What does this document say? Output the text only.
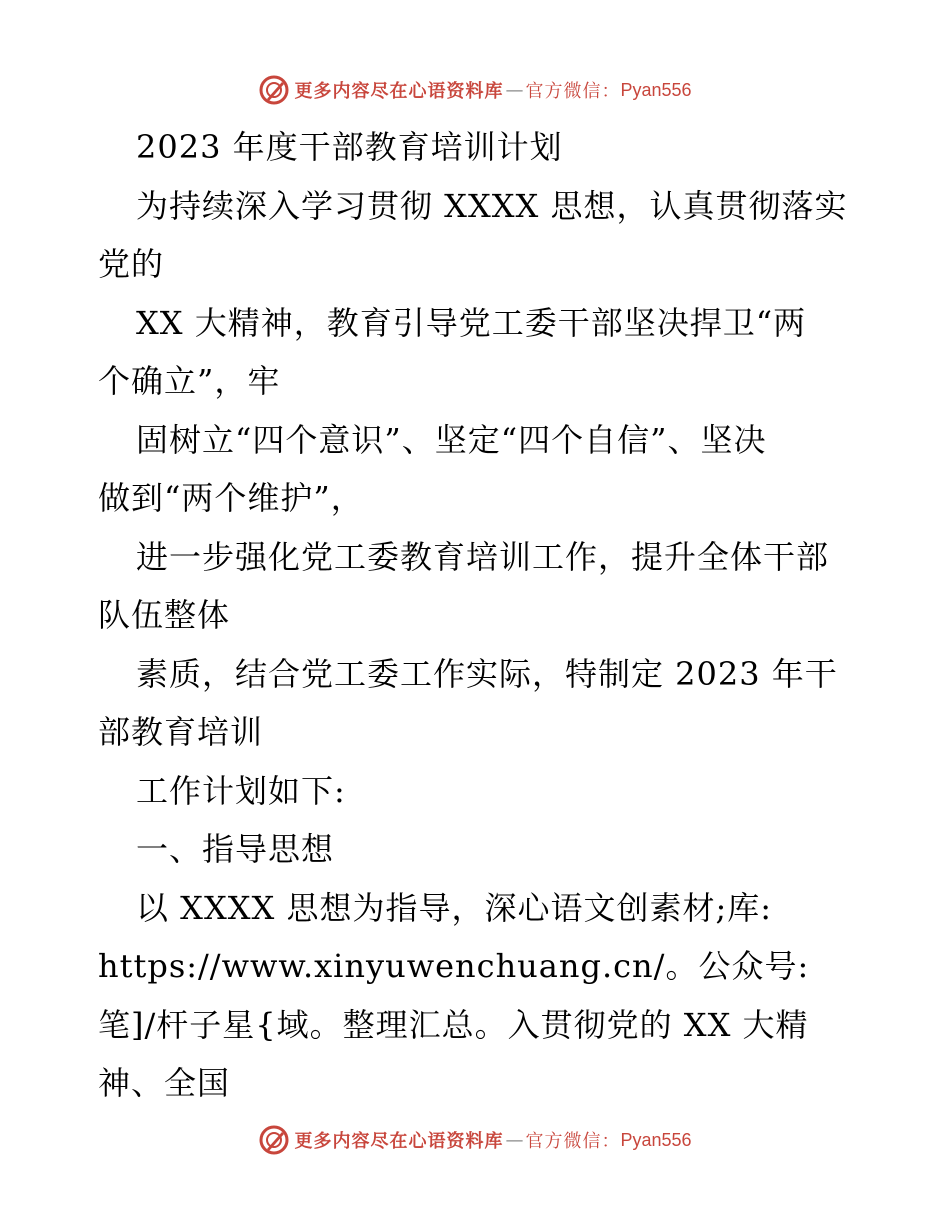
更多内容尽在心语资料库 — 官方微信： Pyan556
2023 年度干部教育培训计划
为持续深入学习贯彻 XXXX 思想，认真贯彻落实
党的
XX 大精神，教育引导党工委干部坚决捍卫“两
个确立”，牢
固树立“四个意识”、坚定“四个自信”、坚决
做到“两个维护”，
进一步强化党工委教育培训工作，提升全体干部
队伍整体
素质，结合党工委工作实际，特制定 2023 年干
部教育培训
工作计划如下:
一、指导思想
以 XXXX 思想为指导，深心语文创素材;库:
https://www.xinyuwenchuang.cn/。公众号:
笔]/杆子星{域。整理汇总。入贯彻党的 XX 大精
神、全国
更多内容尽在心语资料库 — 官方微信： Pyan556
